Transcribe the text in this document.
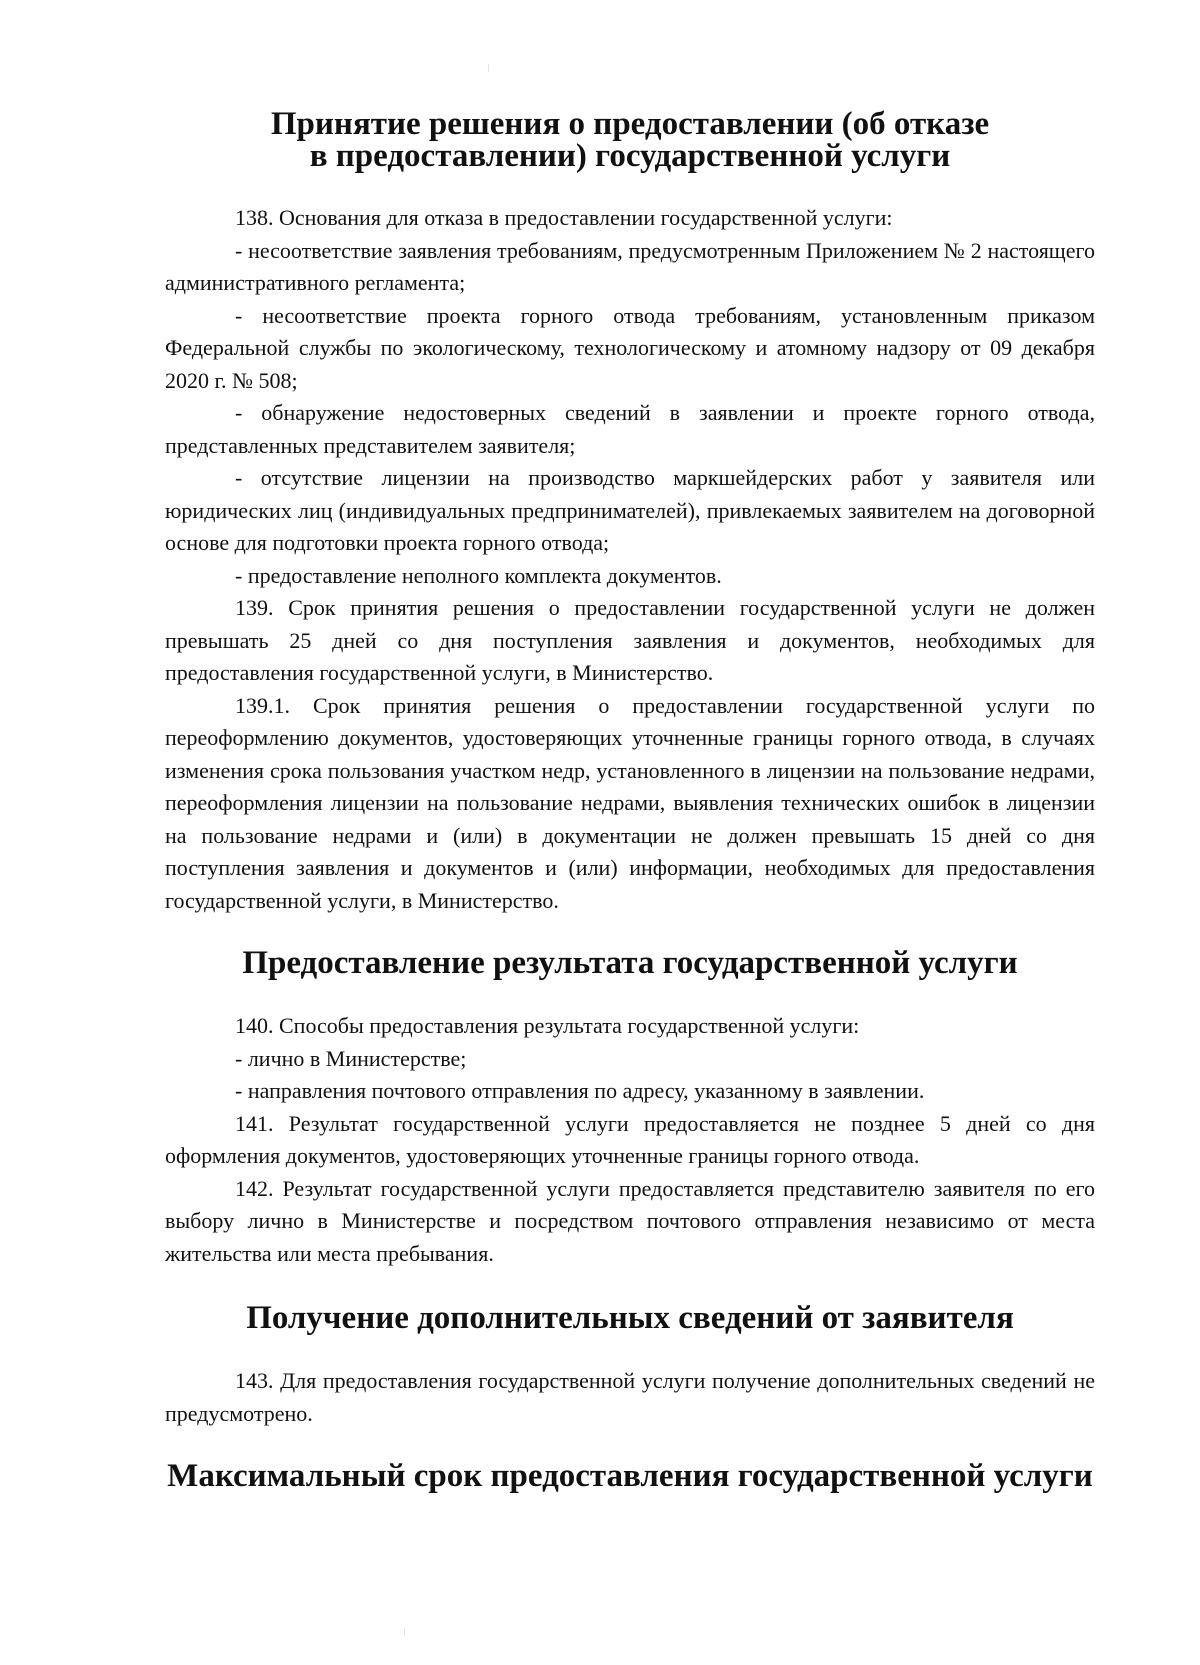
Принятие решения о предоставлении (об отказе
в предоставлении) государственной услуги

138. Основания для отказа в предоставлении государственной услуги:

- несоответствие заявления требованиям, предусмотренным Приложением № 2 настоящего административного регламента;

- несоответствие проекта горного отвода требованиям, установленным приказом Федеральной службы по экологическому, технологическому и атомному надзору от 09 декабря 2020 г. № 508;

- обнаружение недостоверных сведений в заявлении и проекте горного отвода, представленных представителем заявителя;

- отсутствие лицензии на производство маркшейдерских работ у заявителя или юридических лиц (индивидуальных предпринимателей), привлекаемых заявителем на договорной основе для подготовки проекта горного отвода;

- предоставление неполного комплекта документов.

139. Срок принятия решения о предоставлении государственной услуги не должен превышать 25 дней со дня поступления заявления и документов, необходимых для предоставления государственной услуги, в Министерство.

139.1. Срок принятия решения о предоставлении государственной услуги по переоформлению документов, удостоверяющих уточненные границы горного отвода, в случаях изменения срока пользования участком недр, установленного в лицензии на пользование недрами, переоформления лицензии на пользование недрами, выявления технических ошибок в лицензии на пользование недрами и (или) в документации не должен превышать 15 дней со дня поступления заявления и документов и (или) информации, необходимых для предоставления государственной услуги, в Министерство.

Предоставление результата государственной услуги

140. Способы предоставления результата государственной услуги:

- лично в Министерстве;

- направления почтового отправления по адресу, указанному в заявлении.

141. Результат государственной услуги предоставляется не позднее 5 дней со дня оформления документов, удостоверяющих уточненные границы горного отвода.

142. Результат государственной услуги предоставляется представителю заявителя по его выбору лично в Министерстве и посредством почтового отправления независимо от места жительства или места пребывания.

Получение дополнительных сведений от заявителя

143. Для предоставления государственной услуги получение дополнительных сведений не предусмотрено.

Максимальный срок предоставления государственной услуги
